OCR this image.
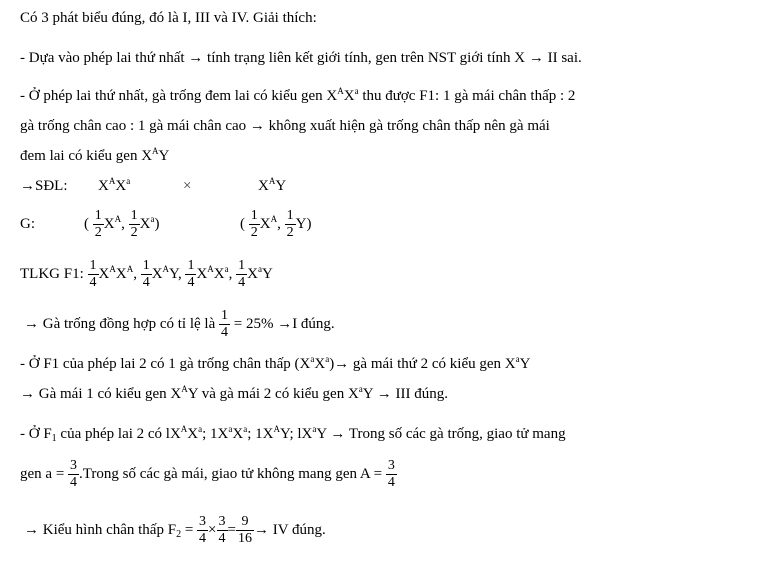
Có 3 phát biểu đúng, đó là I, III và IV. Giải thích:
- Dựa vào phép lai thứ nhất → tính trạng liên kết giới tính, gen trên NST giới tính X → II sai.
- Ở phép lai thứ nhất, gà trống đem lai có kiểu gen $X^AX^a$ thu được F1: 1 gà mái chân thấp : 2
gà trống chân cao : 1 gà mái chân cao → không xuất hiện gà trống chân thấp nên gà mái
đem lai có kiểu gen $X^AY$
→SĐL: $X^AX^a$	×	$X^AY$
G:	( $\frac{1}{2} X^A$, $\frac{1}{2} X^a$)	( $\frac{1}{2} X^A$, $\frac{1}{2} Y$)
TLKG F1: $\frac{1}{4} X^AX^A$, $\frac{1}{4} X^AY$, $\frac{1}{4} X^AX^a$, $\frac{1}{4} X^aY$
→ Gà trống đồng hợp có tỉ lệ là $\frac{1}{4} = 25\% \to I$ đúng.
- Ở F1 của phép lai 2 có 1 gà trống chân thấp $(X^aX^a)\to$ gà mái thứ 2 có kiểu gen $X^aY$
→ Gà mái 1 có kiểu gen $X^AY$ và gà mái 2 có kiểu gen $X^aY$ → III đúng.
- Ở $F_1$ của phép lai 2 có $lX^AX^a$; $1X^aX^a$; $1X^AY$; $lX^aY$ → Trong số các gà trống, giao tử mang
gen $a = \frac{3}{4}$ .Trong số các gà mái, giao tử không mang gen $A = \frac{3}{4}$
→ Kiểu hình chân thấp $F_2 = \frac{3}{4} \times \frac{3}{4} = \frac{9}{16}$ → IV đúng.
